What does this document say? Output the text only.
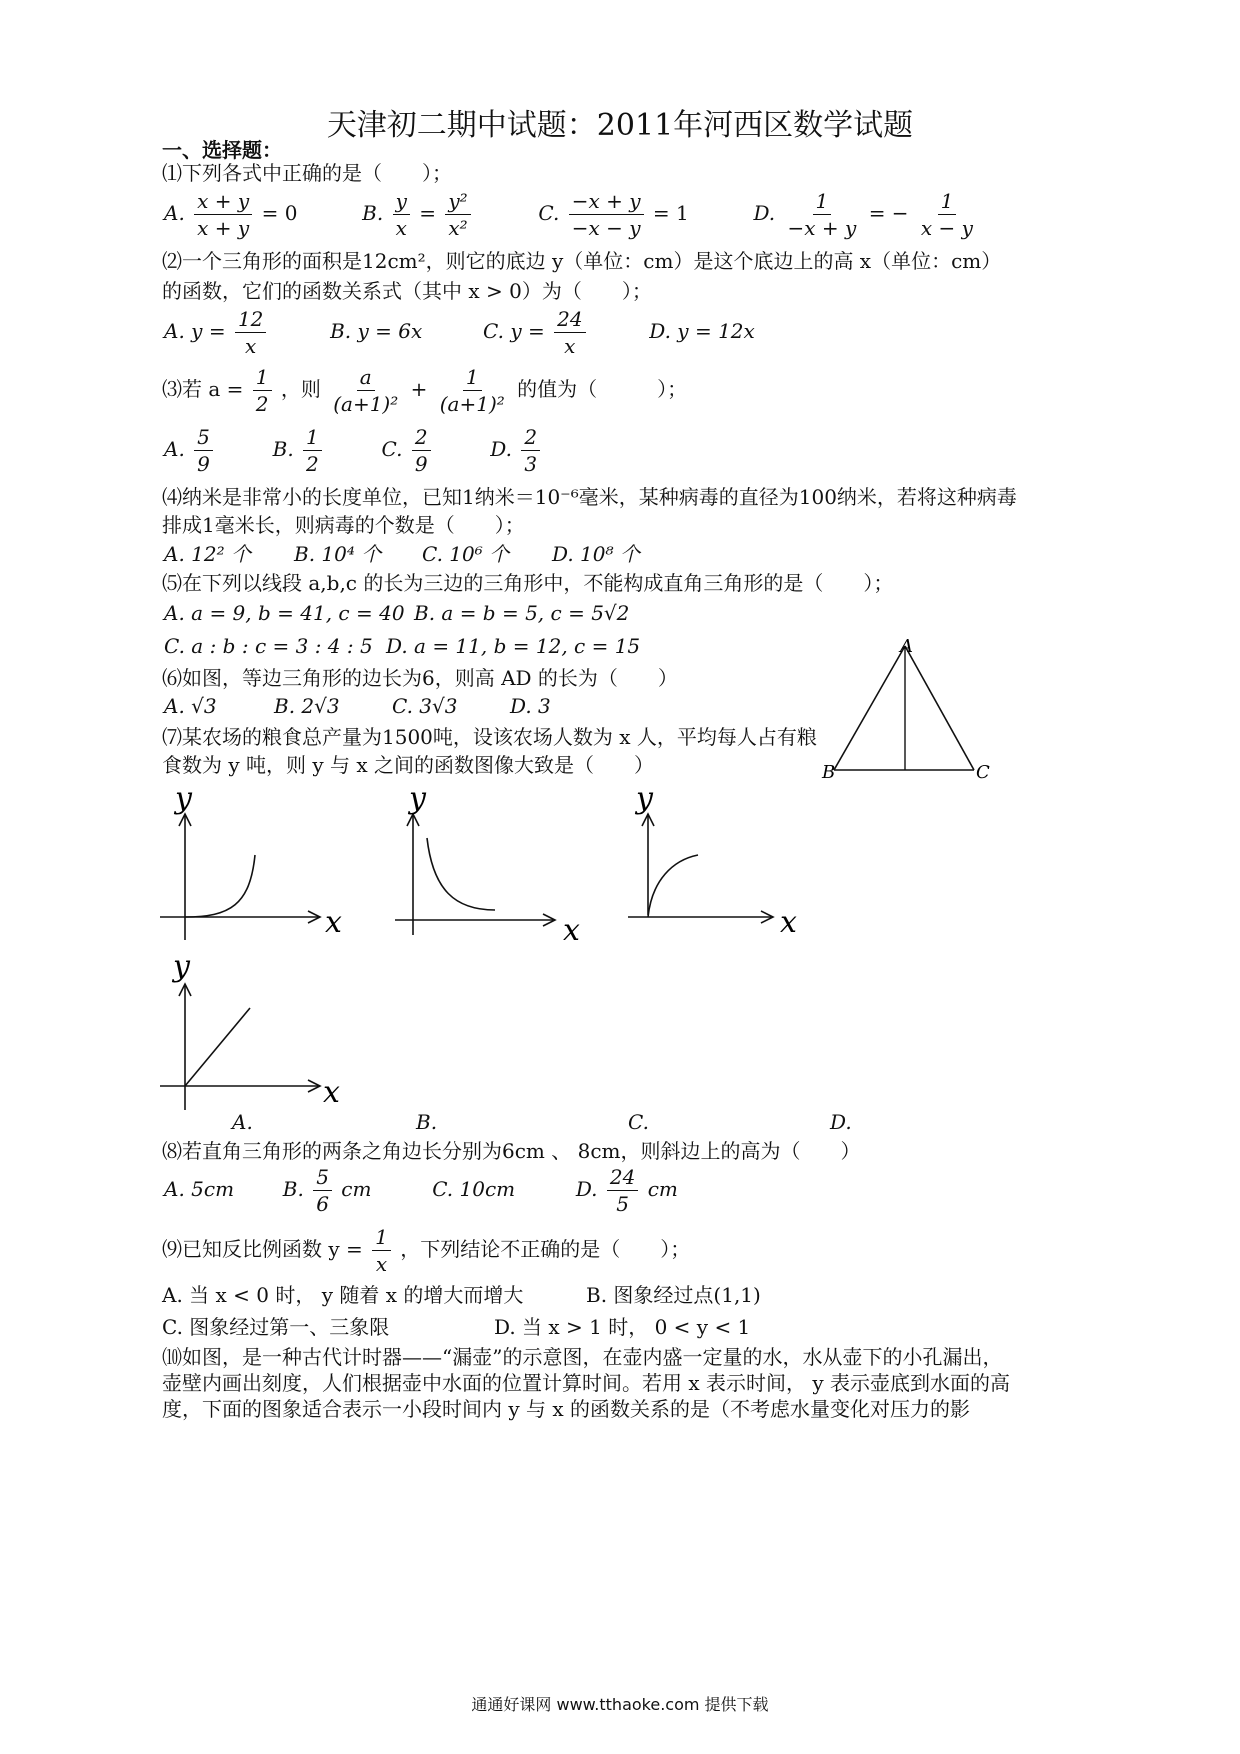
天津初二期中试题：2011年河西区数学试题
一、选择题：
⑴下列各式中正确的是（　　）；
A. $\frac{x + y}{x + y} = 0$	B. $\frac{y}{x} = \frac{\text{y²}}{\text{x²}}$	C. $\frac{-x + y}{-x - y} = 1$	D. $\frac{1}{-x + y}$ = − $\frac{1}{x - y}$
⑵一个三角形的面积是12cm²，则它的底边 y（单位：cm）是这个底边上的高 x（单位：cm）
的函数，它们的函数关系式（其中 x > 0）为（　　）；
A. $y = \frac{12}{x}$	B. y = 6x	C. $y = \frac{24}{x}$	D. y = 12x
⑶若 $a = \frac{1}{2}$ ，则 $\frac{a}{\text{(a+1)²}} + \frac{1}{\text{(a+1)²}}$ 的值为（　　　）；
A. $\frac{5}{9}$	B. $\frac{1}{2}$	C. $\frac{2}{9}$	D. $\frac{2}{3}$
⑷纳米是非常小的长度单位，已知1纳米＝10⁻⁶毫米，某种病毒的直径为100纳米，若将这种病毒
排成1毫米长，则病毒的个数是（　　）；
A. 12² 个 B. 10⁴ 个 C. 10⁶ 个 D. 10⁸ 个
⑸在下列以线段 a,b,c 的长为三边的三角形中，不能构成直角三角形的是（　　）；
A. a = 9, b = 41, c = 40 B. a = b = 5, c = 5√2
C. a : b : c = 3 : 4 : 5 D. a = 11, b = 12, c = 15
⑹如图，等边三角形的边长为6，则高 AD 的长为（　　）
A. √3	B. 2√3	C. 3√3	D. 3
A
B	C
⑺某农场的粮食总产量为1500吨，设该农场人数为 x 人，平均每人占有粮
食数为 y 吨，则 y 与 x 之间的函数图像大致是（　　）
y
x
y
x
y
x
y
x
A.	B.	C.	D.
⑻若直角三角形的两条之角边长分别为6cm 、 8cm，则斜边上的高为（　　）
A. 5cm B. $\frac{5}{6}$ cm	C. 10cm	D. $\frac{24}{5}$ cm
⑼已知反比例函数 $y = \frac{1}{x}$ ，下列结论不正确的是（　　）；
A. 当 x < 0 时， y 随着 x 的增大而增大	B. 图象经过点(1,1)
C. 图象经过第一、三象限	D. 当 x > 1 时， 0 < y < 1
⑽如图，是一种古代计时器——“漏壶”的示意图，在壶内盛一定量的水，水从壶下的小孔漏出，
壶壁内画出刻度，人们根据壶中水面的位置计算时间。若用 x 表示时间， y 表示壶底到水面的高
度，下面的图象适合表示一小段时间内 y 与 x 的函数关系的是（不考虑水量变化对压力的影
通通好课网 www.tthaoke.com 提供下载
